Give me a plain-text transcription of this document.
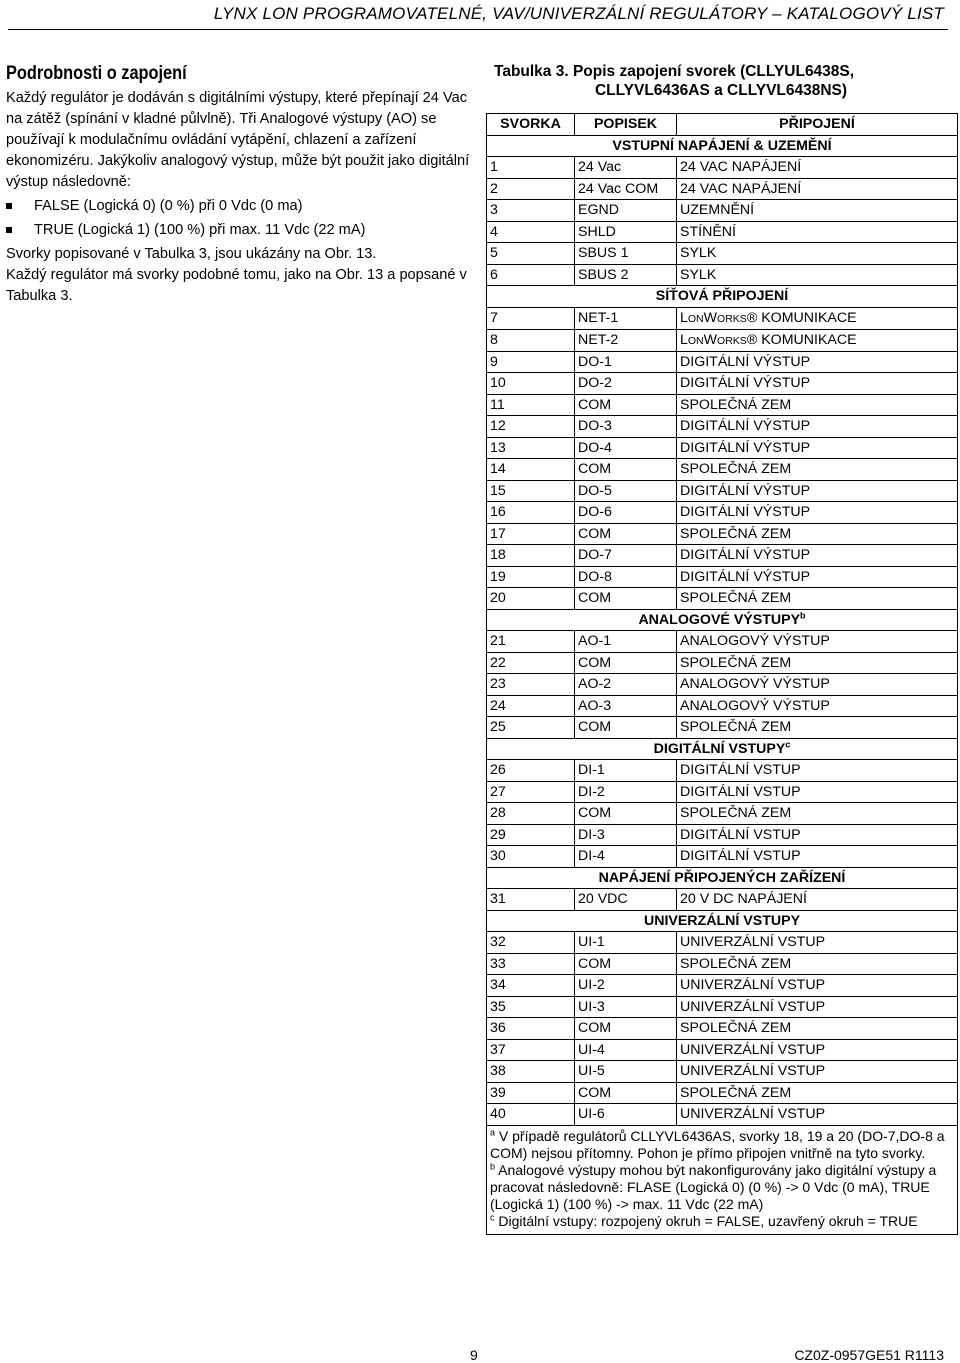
LYNX LON PROGRAMOVATELNÉ, VAV/UNIVERZÁLNÍ REGULÁTORY – KATALOGOVÝ LIST
Podrobnosti o zapojení

Každý regulátor je dodáván s digitálními výstupy, které přepínají 24 Vac na zátěž (spínání v kladné půlvlně). Tři Analogové výstupy (AO) se používají k modulačnímu ovládání vytápění, chlazení a zařízení ekonomizéru. Jakýkoliv analogový výstup, může být použit jako digitální výstup následovně:

FALSE (Logická 0) (0 %) při 0 Vdc (0 ma)
TRUE (Logická 1) (100 %) při max. 11 Vdc (22 mA)

Svorky popisované v Tabulka 3, jsou ukázány na Obr. 13.

Každý regulátor má svorky podobné tomu, jako na Obr. 13 a popsané v Tabulka 3.

Tabulka 3. Popis zapojení svorek (CLLYUL6438S,
CLLYVL6436AS a CLLYVL6438NS)
SVORKA	POPISEK	PŘIPOJENÍ
VSTUPNÍ NAPÁJENÍ & UZEMĚNÍ		
1	24 Vac	24 VAC NAPÁJENÍ
2	24 Vac COM	24 VAC NAPÁJENÍ
3	EGND	UZEMNĚNÍ
4	SHLD	STÍNĚNÍ
5	SBUS 1	SYLK
6	SBUS 2	SYLK
SÍŤOVÁ PŘIPOJENÍ		
7	NET-1	LONWORKS® KOMUNIKACE
8	NET-2	LONWORKS® KOMUNIKACE
9	DO-1	DIGITÁLNÍ VÝSTUP
10	DO-2	DIGITÁLNÍ VÝSTUP
11	COM	SPOLEČNÁ ZEM
12	DO-3	DIGITÁLNÍ VÝSTUP
13	DO-4	DIGITÁLNÍ VÝSTUP
14	COM	SPOLEČNÁ ZEM
15	DO-5	DIGITÁLNÍ VÝSTUP
16	DO-6	DIGITÁLNÍ VÝSTUP
17	COM	SPOLEČNÁ ZEM
18	DO-7	DIGITÁLNÍ VÝSTUP
19	DO-8	DIGITÁLNÍ VÝSTUP
20	COM	SPOLEČNÁ ZEM
ANALOGOVÉ VÝSTUPY$^b$
21	AO-1	ANALOGOVÝ VÝSTUP
22	COM	SPOLEČNÁ ZEM
23	AO-2	ANALOGOVÝ VÝSTUP
24	AO-3	ANALOGOVÝ VÝSTUP
25	COM	SPOLEČNÁ ZEM
DIGITÁLNÍ VSTUPY$^c$
26	DI-1	DIGITÁLNÍ VSTUP
27	DI-2	DIGITÁLNÍ VSTUP
28	COM	SPOLEČNÁ ZEM
29	DI-3	DIGITÁLNÍ VSTUP
30	DI-4	DIGITÁLNÍ VSTUP
NAPÁJENÍ PŘIPOJENÝCH ZAŘÍZENÍ		
31	20 VDC	20 V DC NAPÁJENÍ
UNIVERZÁLNÍ VSTUPY		
32	UI-1	UNIVERZÁLNÍ VSTUP
33	COM	SPOLEČNÁ ZEM
34	UI-2	UNIVERZÁLNÍ VSTUP
35	UI-3	UNIVERZÁLNÍ VSTUP
36	COM	SPOLEČNÁ ZEM
37	UI-4	UNIVERZÁLNÍ VSTUP
38	UI-5	UNIVERZÁLNÍ VSTUP
39	COM	SPOLEČNÁ ZEM
40	UI-6	UNIVERZÁLNÍ VSTUP

$^a$ V případě regulátorů CLLYVL6436AS, svorky 18, 19 a 20 (DO-7,DO-8 a COM) nejsou přítomny. Pohon je přímo připojen vnitřně na tyto svorky.
$^b$ Analogové výstupy mohou být nakonfigurovány jako digitální výstupy a pracovat následovně: FLASE (Logická 0) (0 %) -> 0 Vdc (0 mA), TRUE (Logická 1) (100 %) -> max. 11 Vdc (22 mA)
$^c$ Digitální vstupy: rozpojený okruh = FALSE, uzavřený okruh = TRUE		
9	CZ0Z-0957GE51 R1113
